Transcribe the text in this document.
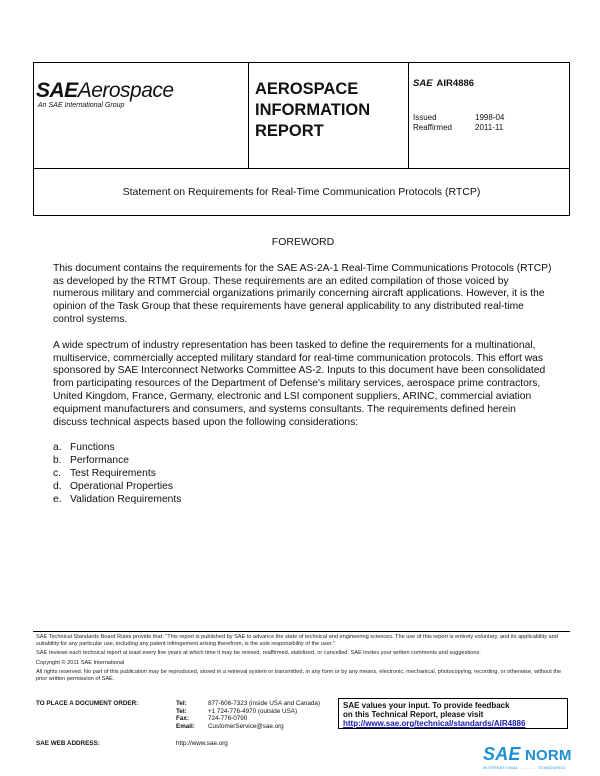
SAEAerospace
An SAE International Group
AEROSPACE
INFORMATION
REPORT
SAE AIR4886
Issued	1998-04
Reaffirmed	2011-11
Statement on Requirements for Real-Time Communication Protocols (RTCP)
FOREWORD

This document contains the requirements for the SAE AS-2A-1 Real-Time Communications Protocols (RTCP) as developed by the RTMT Group. These requirements are an edited compilation of those voiced by numerous military and commercial organizations primarily concerning aircraft applications. However, it is the opinion of the Task Group that these requirements have general applicability to any distributed real-time control systems.

A wide spectrum of industry representation has been tasked to define the requirements for a multinational, multiservice, commercially accepted military standard for real-time communication protocols. This effort was sponsored by SAE Interconnect Networks Committee AS-2. Inputs to this document have been consolidated from participating resources of the Department of Defense's military services, aerospace prime contractors, United Kingdom, France, Germany, electronic and LSI component suppliers, ARINC, commercial aviation equipment manufacturers and consumers, and systems consultants. The requirements defined herein discuss technical aspects based upon the following considerations:

a. Functions
b. Performance
c. Test Requirements
d. Operational Properties
e. Validation Requirements

SAE Technical Standards Board Rules provide that: "This report is published by SAE to advance the state of technical and engineering sciences. The use of this report is entirely voluntary, and its applicability and suitability for any particular use, including any patent infringement arising therefrom, is the sole responsibility of the user."

SAE reviews each technical report at least every five years at which time it may be revised, reaffirmed, stabilized, or cancelled. SAE invites your written comments and suggestions.

Copyright © 2011 SAE International

All rights reserved. No part of this publication may be reproduced, stored in a retrieval system or transmitted, in any form or by any means, electronic, mechanical, photocopying, recording, or otherwise, without the prior written permission of SAE.

TO PLACE A DOCUMENT ORDER:	Tel:	877-606-7323 (inside USA and Canada)
	Tel:	+1 724-776-4970 (outside USA)
	Fax:	724-776-0790
	Email:	CustomerService@sae.org
SAE WEB ADDRESS:	http://www.sae.org
SAE values your input. To provide feedback
on this Technical Report, please visit
http://www.sae.org/technical/standards/AIR4886
SAE NORM
INTERNATIONAL ............ STANDARDS
